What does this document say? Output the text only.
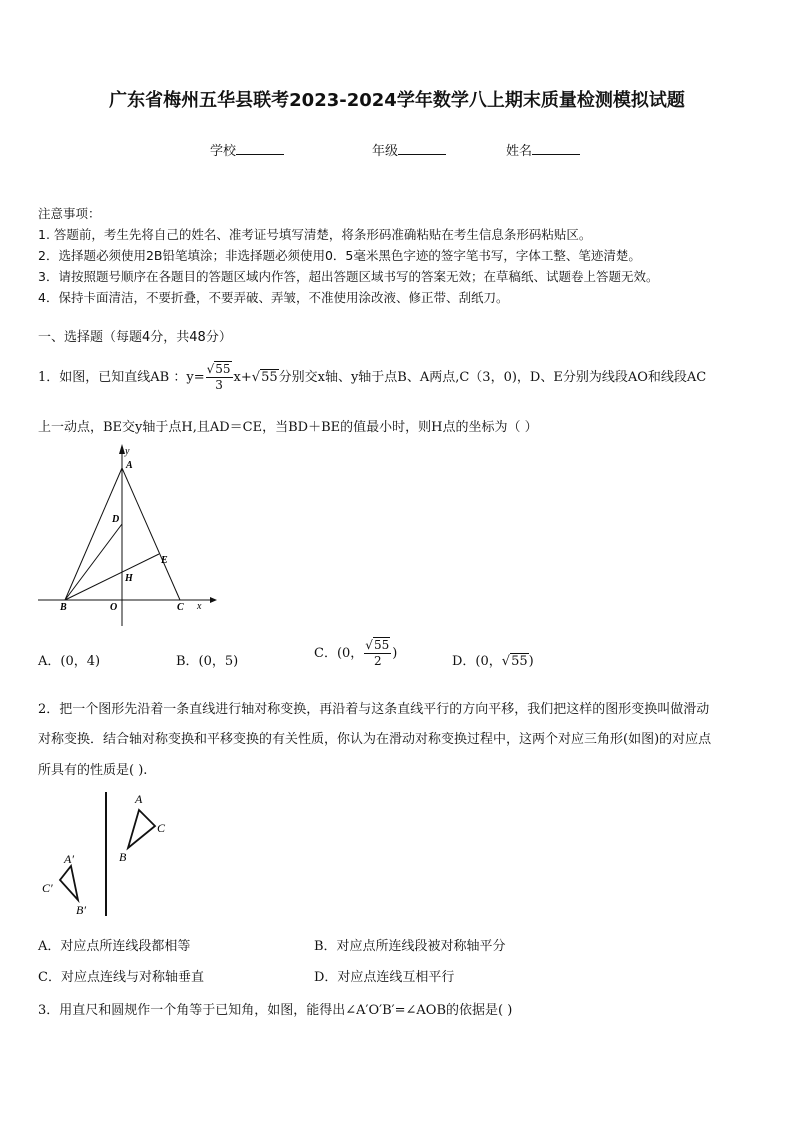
广东省梅州五华县联考2023-2024学年数学八上期末质量检测模拟试题
学校	年级	姓名
注意事项：
1. 答题前，考生先将自己的姓名、准考证号填写清楚，将条形码准确粘贴在考生信息条形码粘贴区。
2．选择题必须使用2B铅笔填涂；非选择题必须使用0．5毫米黑色字迹的签字笔书写，字体工整、笔迹清楚。
3．请按照题号顺序在各题目的答题区域内作答，超出答题区域书写的答案无效；在草稿纸、试题卷上答题无效。
4．保持卡面清洁，不要折叠，不要弄破、弄皱，不准使用涂改液、修正带、刮纸刀。
一、选择题（每题4分，共48分）
1．如图，已知直线AB ：$y= \frac{√55}{3} x+√55$分别交x轴、y轴于点B、A两点,C（3，0)，D、E分别为线段AO和线段AC
上一动点，BE交y轴于点H,且AD＝CE，当BD＋BE的值最小时，则H点的坐标为（ ）
y
A
D
E
H
B	O	C x
A．(0，4)	B．(0，5)
C．(0， $\frac{√55}{2}$ )
D．(0，√55)
2．把一个图形先沿着一条直线进行轴对称变换，再沿着与这条直线平行的方向平移，我们把这样的图形变换叫做滑动
对称变换．结合轴对称变换和平移变换的有关性质，你认为在滑动对称变换过程中，这两个对应三角形(如图)的对应点
所具有的性质是( ).
A
C
B
A′
C′
B′
A．对应点所连线段都相等	B．对应点所连线段被对称轴平分
C．对应点连线与对称轴垂直	D．对应点连线互相平行
3．用直尺和圆规作一个角等于已知角，如图，能得出∠A′O′B′=∠AOB的依据是( )
